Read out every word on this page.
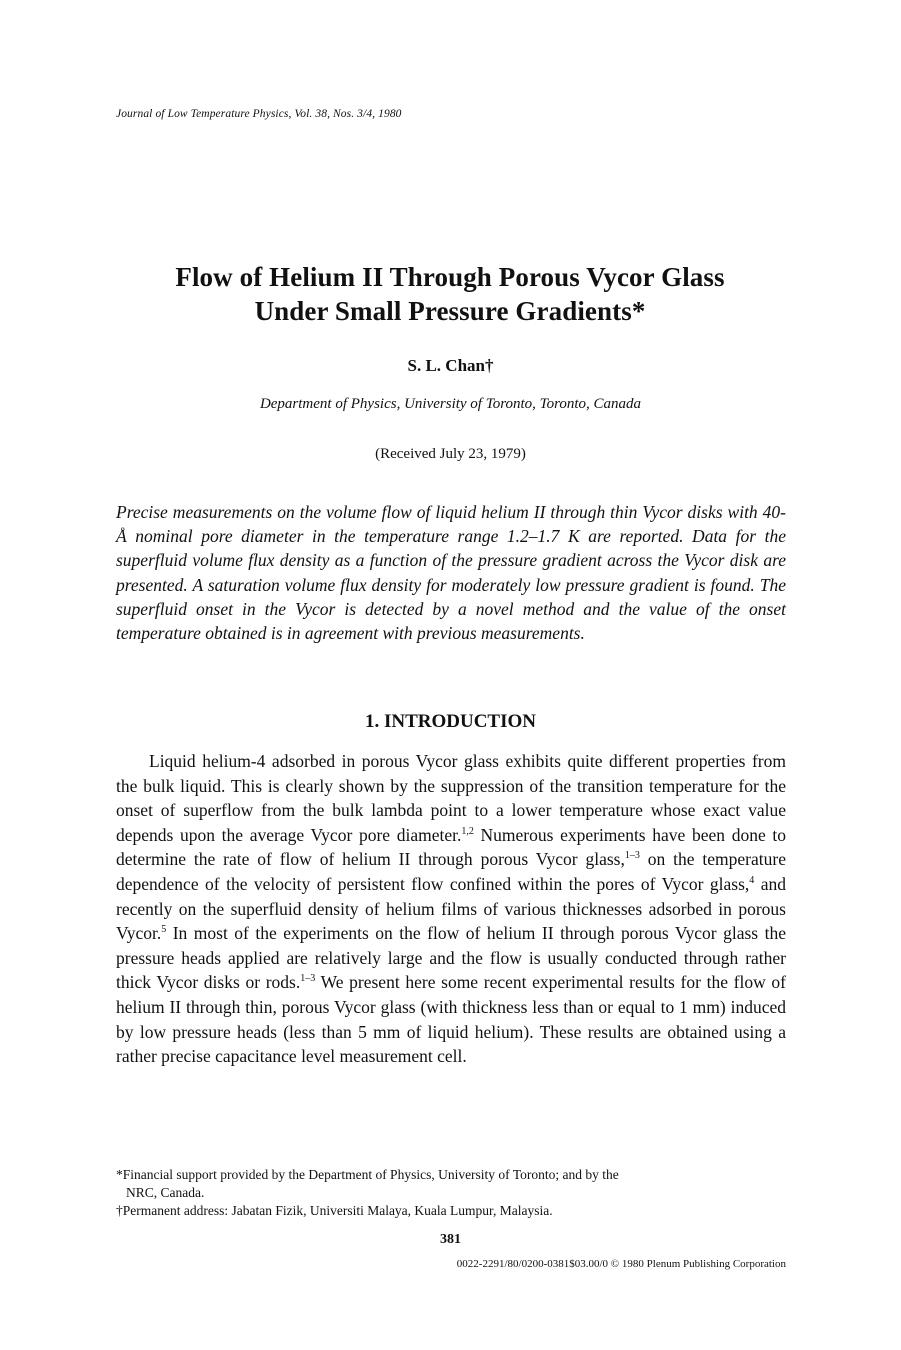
Journal of Low Temperature Physics, Vol. 38, Nos. 3/4, 1980
Flow of Helium II Through Porous Vycor Glass
Under Small Pressure Gradients*
S. L. Chan†
Department of Physics, University of Toronto, Toronto, Canada
(Received July 23, 1979)
Precise measurements on the volume flow of liquid helium II through thin Vycor disks with 40-Å nominal pore diameter in the temperature range 1.2–1.7 K are reported. Data for the superfluid volume flux density as a function of the pressure gradient across the Vycor disk are presented. A saturation volume flux density for moderately low pressure gradient is found. The superfluid onset in the Vycor is detected by a novel method and the value of the onset temperature obtained is in agreement with previous measurements.
1. INTRODUCTION

Liquid helium-4 adsorbed in porous Vycor glass exhibits quite different properties from the bulk liquid. This is clearly shown by the suppression of the transition temperature for the onset of superflow from the bulk lambda point to a lower temperature whose exact value depends upon the average Vycor pore diameter.$^{1,2}$ Numerous experiments have been done to determine the rate of flow of helium II through porous Vycor glass,$^{1-3}$ on the temperature dependence of the velocity of persistent flow confined within the pores of Vycor glass,$^4$ and recently on the superfluid density of helium films of various thicknesses adsorbed in porous Vycor.$^5$ In most of the experiments on the flow of helium II through porous Vycor glass the pressure heads applied are relatively large and the flow is usually conducted through rather thick Vycor disks or rods.$^{1-3}$ We present here some recent experimental results for the flow of helium II through thin, porous Vycor glass (with thickness less than or equal to 1 mm) induced by low pressure heads (less than 5 mm of liquid helium). These results are obtained using a rather precise capacitance level measurement cell.

*Financial support provided by the Department of Physics, University of Toronto; and by the

NRC, Canada.

†Permanent address: Jabatan Fizik, Universiti Malaya, Kuala Lumpur, Malaysia.

381
0022-2291/80/0200-0381$03.00/0 © 1980 Plenum Publishing Corporation
